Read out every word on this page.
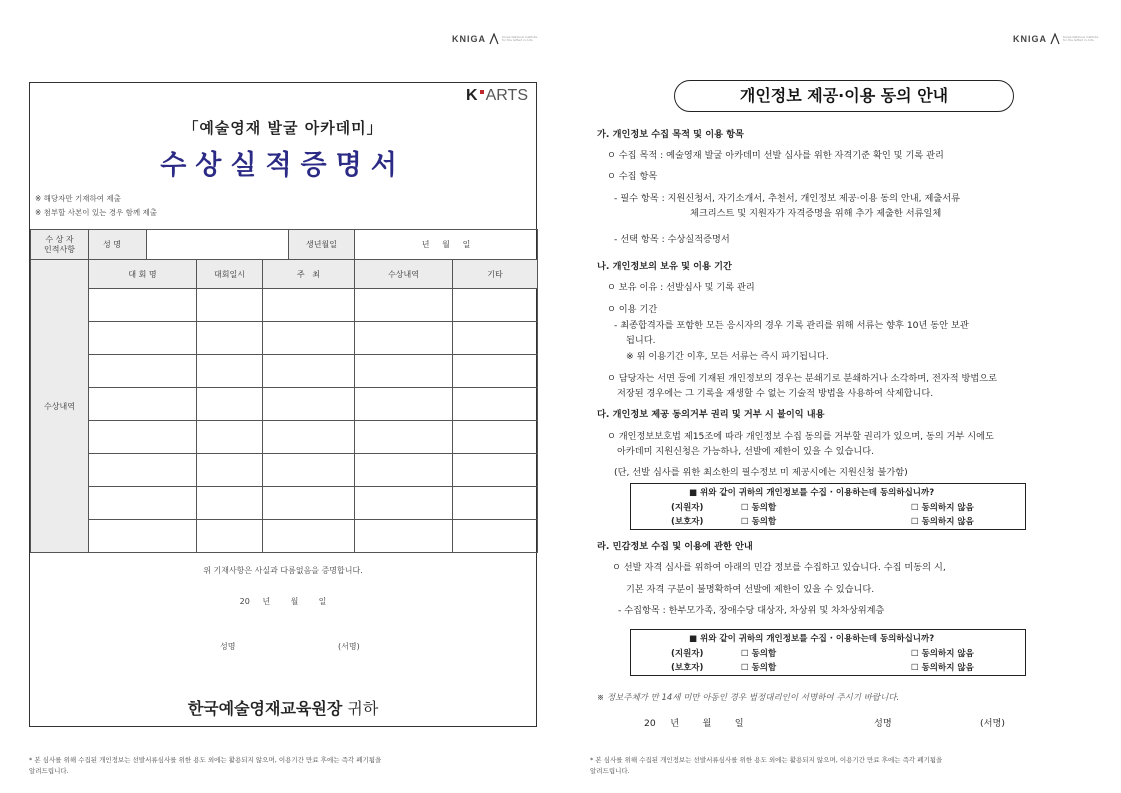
KNIGA	Korea National Institute for the Gifted in Arts	KNIGA	Korea National Institute for the Gifted in Arts
K ARTS
「예술영재 발굴 아카데미」
수상실적증명서
※ 해당자만 기재하여 제출
※ 첨부할 사본이 있는 경우 함께 제출
수 상 자
인적사항	성 명		생년월일	년     월     일
수상내역	대 회 명	대회일시	주   최	수상내역	기타

위 기재사항은 사실과 다름없음을 증명합니다.
20     년        월        일
성명	(서명)
한국예술영재교육원장 귀하
* 본 심사를 위해 수집된 개인정보는 선발서류심사를 위한 용도 외에는 활용되지 않으며, 이용기간 만료 후에는 즉각 폐기됨을
알려드립니다.
개인정보 제공·이용 동의 안내
가. 개인정보 수집 목적 및 이용 항목
ㅇ 수집 목적 : 예술영재 발굴 아카데미 선발 심사를 위한 자격기준 확인 및 기록 관리
ㅇ 수집 항목
- 필수 항목 : 지원신청서, 자기소개서, 추천서, 개인정보 제공·이용 동의 안내, 제출서류
체크리스트 및 지원자가 자격증명을 위해 추가 제출한 서류일체
- 선택 항목 : 수상실적증명서
나. 개인정보의 보유 및 이용 기간
ㅇ 보유 이유 : 선발심사 및 기록 관리
ㅇ 이용 기간
- 최종합격자를 포함한 모든 응시자의 경우 기록 관리를 위해 서류는 향후 10년 동안 보관
됩니다.
※ 위 이용기간 이후, 모든 서류는 즉시 파기됩니다.
ㅇ 담당자는 서면 등에 기재된 개인정보의 경우는 분쇄기로 분쇄하거나 소각하며, 전자적 방법으로
저장된 경우에는 그 기록을 재생할 수 없는 기술적 방법을 사용하여 삭제합니다.
다. 개인정보 제공 동의거부 권리 및 거부 시 불이익 내용
ㅇ 개인정보보호법 제15조에 따라 개인정보 수집 동의를 거부할 권리가 있으며, 동의 거부 시에도
아카데미 지원신청은 가능하나, 선발에 제한이 있을 수 있습니다.
(단, 선발 심사를 위한 최소한의 필수정보 미 제공시에는 지원신청 불가함)
■ 위와 같이 귀하의 개인정보를 수집 · 이용하는데 동의하십니까?
(지원자)	☐ 동의함	☐ 동의하지 않음
(보호자)	☐ 동의함	☐ 동의하지 않음
라. 민감정보 수집 및 이용에 관한 안내
ㅇ 선발 자격 심사를 위하여 아래의 민감 정보를 수집하고 있습니다. 수집 미동의 시,
기본 자격 구분이 불명확하여 선발에 제한이 있을 수 있습니다.
- 수집항목 : 한부모가족, 장애수당 대상자, 차상위 및 차차상위계층
■ 위와 같이 귀하의 개인정보를 수집 · 이용하는데 동의하십니까?
(지원자)	☐ 동의함	☐ 동의하지 않음
(보호자)	☐ 동의함	☐ 동의하지 않음
※ 정보주체가 만 14세 미만 아동인 경우 법정대리인이 서명하여 주시기 바랍니다.
20     년        월        일	성명	(서명)
* 본 심사를 위해 수집된 개인정보는 선발서류심사를 위한 용도 외에는 활용되지 않으며, 이용기간 만료 후에는 즉각 폐기됨을
알려드립니다.
